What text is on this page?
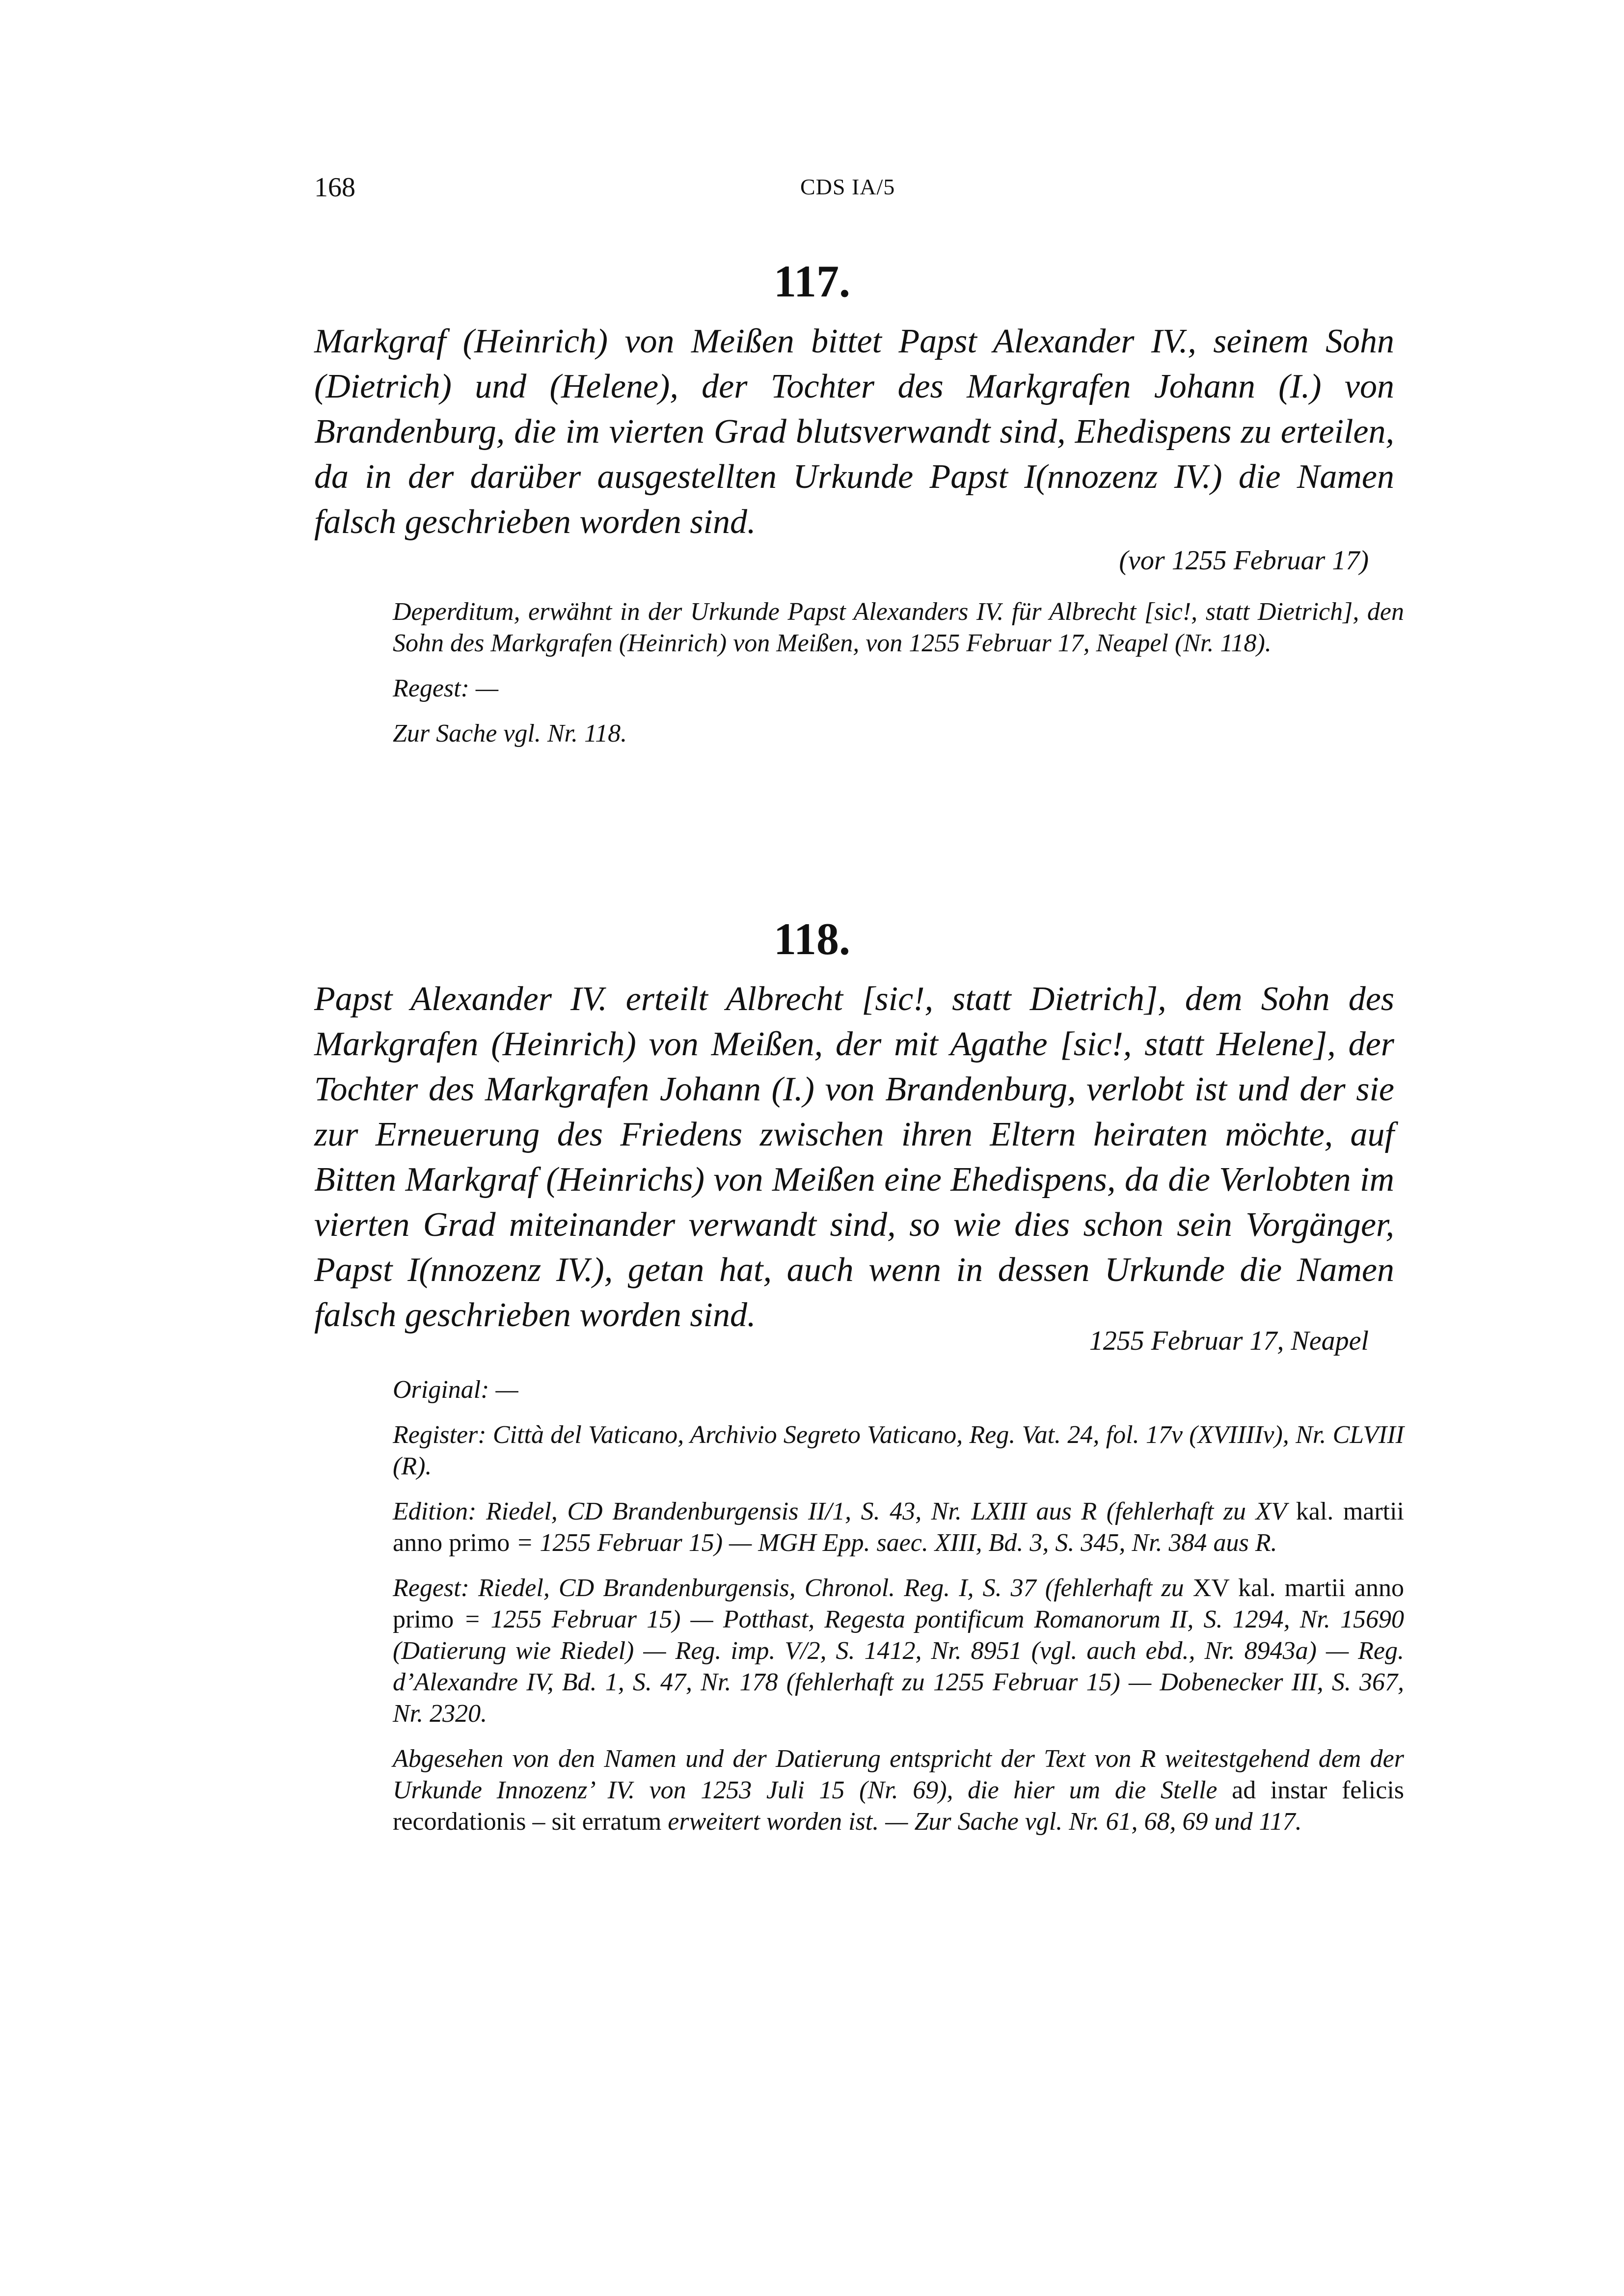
168	CDS IA/5
117.
Markgraf (Heinrich) von Meißen bittet Papst Alexander IV., seinem Sohn (Dietrich) und (Helene), der Tochter des Markgrafen Johann (I.) von Brandenburg, die im vierten Grad blutsverwandt sind, Ehedispens zu erteilen, da in der darüber ausgestellten Urkunde Papst I(nnozenz IV.) die Namen falsch geschrieben worden sind.
(vor 1255 Februar 17)

Deperditum, erwähnt in der Urkunde Papst Alexanders IV. für Albrecht [sic!, statt Dietrich], den Sohn des Markgrafen (Heinrich) von Meißen, von 1255 Februar 17, Neapel (Nr. 118).

Regest: —

Zur Sache vgl. Nr. 118.

118.
Papst Alexander IV. erteilt Albrecht [sic!, statt Dietrich], dem Sohn des Markgrafen (Heinrich) von Meißen, der mit Agathe [sic!, statt Helene], der Tochter des Markgrafen Johann (I.) von Brandenburg, verlobt ist und der sie zur Erneuerung des Friedens zwischen ihren Eltern heiraten möchte, auf Bitten Markgraf (Heinrichs) von Meißen eine Ehedispens, da die Verlobten im vierten Grad miteinander verwandt sind, so wie dies schon sein Vorgänger, Papst I(nnozenz IV.), getan hat, auch wenn in dessen Urkunde die Namen falsch geschrieben worden sind.
1255 Februar 17, Neapel

Original: —

Register: Città del Vaticano, Archivio Segreto Vaticano, Reg. Vat. 24, fol. 17v (XVIIIIv), Nr. CLVIII (R).

Edition: Riedel, CD Brandenburgensis II/1, S. 43, Nr. LXIII aus R (fehlerhaft zu XV kal. martii anno primo = 1255 Februar 15) — MGH Epp. saec. XIII, Bd. 3, S. 345, Nr. 384 aus R.

Regest: Riedel, CD Brandenburgensis, Chronol. Reg. I, S. 37 (fehlerhaft zu XV kal. martii anno primo = 1255 Februar 15) — Potthast, Regesta pontificum Romanorum II, S. 1294, Nr. 15690 (Datierung wie Riedel) — Reg. imp. V/2, S. 1412, Nr. 8951 (vgl. auch ebd., Nr. 8943a) — Reg. d’Alexandre IV, Bd. 1, S. 47, Nr. 178 (fehlerhaft zu 1255 Februar 15) — Dobenecker III, S. 367, Nr. 2320.

Abgesehen von den Namen und der Datierung entspricht der Text von R weitestgehend dem der Urkunde Innozenz’ IV. von 1253 Juli 15 (Nr. 69), die hier um die Stelle ad instar felicis recordationis – sit erratum erweitert worden ist. — Zur Sache vgl. Nr. 61, 68, 69 und 117.
